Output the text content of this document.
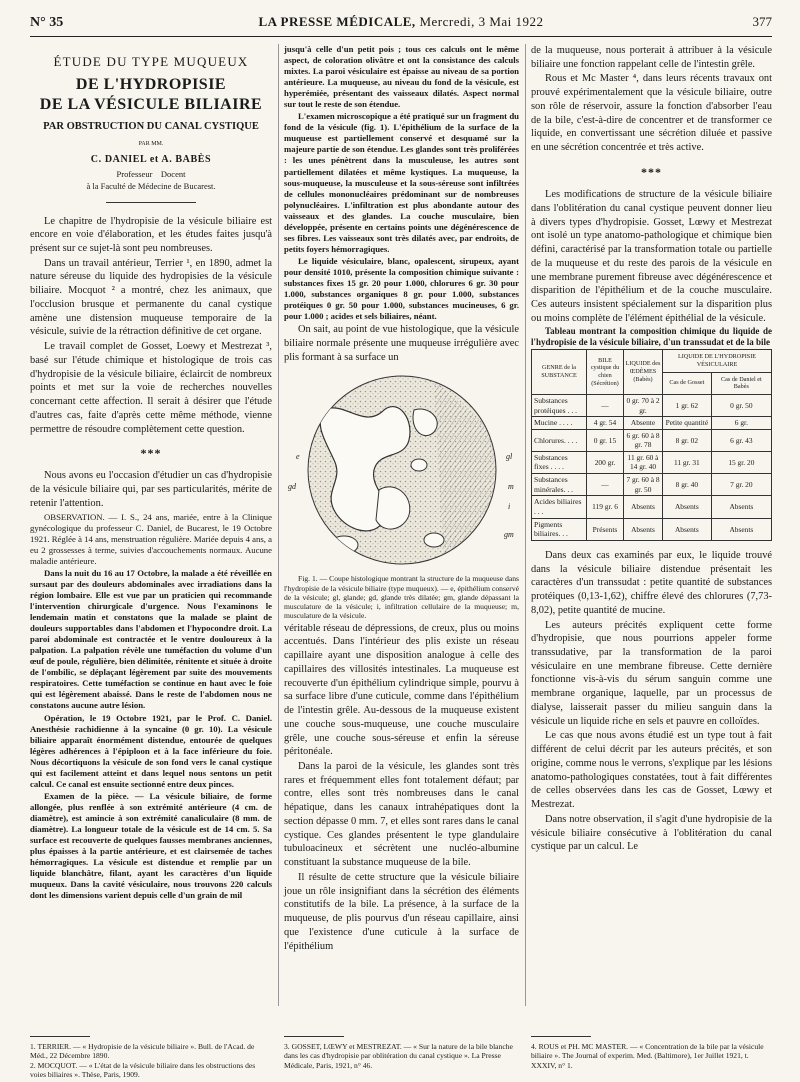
N° 35	LA PRESSE MÉDICALE, Mercredi, 3 Mai 1922	377
ÉTUDE DU TYPE MUQUEUX
DE L'HYDROPISIE
DE LA VÉSICULE BILIAIRE
PAR OBSTRUCTION DU CANAL CYSTIQUE
PAR MM.
C. DANIEL et A. BABÈS
Professeur    Docent
à la Faculté de Médecine de Bucarest.

Le chapitre de l'hydropisie de la vésicule biliaire est encore en voie d'élaboration, et les études faites jusqu'à présent sur ce sujet-là sont peu nombreuses.

Dans un travail antérieur, Terrier ¹, en 1890, admet la nature séreuse du liquide des hydropisies de la vésicule biliaire. Mocquot ² a montré, chez les animaux, que l'occlusion brusque et permanente du canal cystique amène une distension muqueuse temporaire de la vésicule, suivie de la rétraction définitive de cet organe.

Le travail complet de Gosset, Loewy et Mestrezat ³, basé sur l'étude chimique et histologique de trois cas d'hydropisie de la vésicule biliaire, éclaircit de nombreux points et met sur la voie de recherches nouvelles concernant cette affection. Il serait à désirer que l'étude d'autres cas, faite d'après cette même méthode, vienne permettre de résoudre complètement cette question.

***

Nous avons eu l'occasion d'étudier un cas d'hydropisie de la vésicule biliaire qui, par ses particularités, mérite de retenir l'attention.

OBSERVATION. — I. S., 24 ans, mariée, entre à la Clinique gynécologique du professeur C. Daniel, de Bucarest, le 19 Octobre 1921. Réglée à 14 ans, menstruation régulière. Mariée depuis 4 ans, a eu 2 grossesses à terme, suivies d'accouchements normaux. Aucune maladie antérieure.

Dans la nuit du 16 au 17 Octobre, la malade a été réveillée en sursaut par des douleurs abdominales avec irradiations dans la région lombaire. Elle est vue par un praticien qui recommande l'intervention chirurgicale d'urgence. Nous l'examinons le lendemain matin et constatons que la malade se plaint de douleurs supportables dans l'abdomen et l'hypocondre droit. La paroi abdominale est contractée et le ventre douloureux à la palpation. La palpation révèle une tuméfaction du volume d'un œuf de poule, régulière, bien délimitée, rénitente et située à droite de l'ombilic, se déplaçant légèrement par suite des mouvements respiratoires. Cette tuméfaction se continue en haut avec le foie qui est légèrement abaissé. Dans le reste de l'abdomen nous ne constatons aucune autre lésion.

Opération, le 19 Octobre 1921, par le Prof. C. Daniel. Anesthésie rachidienne à la syncaïne (0 gr. 10). La vésicule biliaire apparaît énormément distendue, entourée de quelques légères adhérences à l'épiploon et à la face inférieure du foie. Nous décortiquons la vésicule de son fond vers le canal cystique qui est facilement atteint et dans lequel nous sentons un petit calcul. Ce canal est ensuite sectionné entre deux pinces.

Examen de la pièce. — La vésicule biliaire, de forme allongée, plus renflée à son extrémité antérieure (4 cm. de diamètre), est amincie à son extrémité canaliculaire (8 mm. de diamètre). La longueur totale de la vésicule est de 14 cm. 5. Sa surface est recouverte de quelques fausses membranes anciennes, plus épaisses à la partie antérieure, et est clairsemée de taches hémorragiques. La vésicule est distendue et remplie par un liquide blanchâtre, filant, ayant les caractères d'un liquide muqueux. Dans la cavité vésiculaire, nous trouvons 220 calculs dont les dimensions varient depuis celle d'un grain de mil

jusqu'à celle d'un petit pois ; tous ces calculs ont le même aspect, de coloration olivâtre et ont la consistance des calculs mixtes. La paroi vésiculaire est épaisse au niveau de sa portion antérieure. La muqueuse, au niveau du fond de la vésicule, est hyperémiée, présentant des vaisseaux dilatés. Aspect normal sur tout le reste de son étendue.

L'examen microscopique a été pratiqué sur un fragment du fond de la vésicule (fig. 1). L'épithélium de la surface de la muqueuse est partiellement conservé et desquamé sur la majeure partie de son étendue. Les glandes sont très proliférées : les unes pénètrent dans la musculeuse, les autres sont partiellement dilatées et même kystiques. La muqueuse, la sous-muqueuse, la musculeuse et la sous-séreuse sont infiltrées de cellules mononucléaires prédominant sur de nombreuses polynucléaires. L'infiltration est plus abondante autour des vaisseaux et des glandes. La couche musculaire, bien développée, présente en certains points une dégénérescence de ses fibres. Les vaisseaux sont très dilatés avec, par endroits, de petits foyers hémorragiques.

Le liquide vésiculaire, blanc, opalescent, sirupeux, ayant pour densité 1010, présente la composition chimique suivante : substances fixes 15 gr. 20 pour 1.000, chlorures 6 gr. 30 pour 1.000, substances organiques 8 gr. pour 1.000, substances protéiques 0 gr. 50 pour 1.000, substances mucineuses, 6 gr. pour 1.000 ; acides et sels biliaires, néant.

On sait, au point de vue histologique, que la vésicule biliaire normale présente une muqueuse irrégulière avec plis formant à sa surface un

e	gl
gd	m
i
gm

Fig. 1. — Coupe histologique montrant la structure de la muqueuse dans l'hydropisie de la vésicule biliaire (type muqueux). — e, épithélium conservé de la vésicule; gl, glande; gd, glande très dilatée; gm, glande dépassant la musculature de la vésicule; i, infiltration cellulaire de la muqueuse; m, musculature de la vésicule.

véritable réseau de dépressions, de creux, plus ou moins accentués. Dans l'intérieur des plis existe un réseau capillaire ayant une disposition analogue à celle des capillaires des villosités intestinales. La muqueuse est recouverte d'un épithélium cylindrique simple, pourvu à sa surface libre d'une cuticule, comme dans l'épithélium de l'intestin grêle. Au-dessous de la muqueuse existent une couche sous-muqueuse, une couche musculaire grêle, une couche sous-séreuse et enfin la séreuse péritonéale.

Dans la paroi de la vésicule, les glandes sont très rares et fréquemment elles font totalement défaut; par contre, elles sont très nombreuses dans le canal hépatique, dans les canaux intrahépatiques dont la section dépasse 0 mm. 7, et elles sont rares dans le canal cystique. Ces glandes présentent le type glandulaire tubuloacineux et sécrètent une nucléo-albumine constituant la substance muqueuse de la bile.

Il résulte de cette structure que la vésicule biliaire joue un rôle insignifiant dans la sécrétion des éléments constitutifs de la bile. La présence, à la surface de la muqueuse, de plis pourvus d'un réseau capillaire, ainsi que l'existence d'une cuticule à la surface de l'épithélium

de la muqueuse, nous porterait à attribuer à la vésicule biliaire une fonction rappelant celle de l'intestin grêle.

Rous et Mc Master ⁴, dans leurs récents travaux ont prouvé expérimentalement que la vésicule biliaire, outre son rôle de réservoir, assure la fonction d'absorber l'eau de la bile, c'est-à-dire de concentrer et de transformer ce liquide, en convertissant une sécrétion diluée et passive en une sécrétion concentrée et très active.

***

Les modifications de structure de la vésicule biliaire dans l'oblitération du canal cystique peuvent donner lieu à divers types d'hydropisie. Gosset, Lœwy et Mestrezat ont isolé un type anatomo-pathologique et chimique bien défini, caractérisé par la transformation totale ou partielle de la muqueuse et du reste des parois de la vésicule en une membrane purement fibreuse avec dégénérescence et disparition de l'épithélium et de la couche musculaire. Ces auteurs insistent spécialement sur la disparition plus ou moins complète de l'élément épithélial de la vésicule.

Tableau montrant la composition chimique du liquide de l'hydropisie de la vésicule biliaire, d'un transsudat et de la bile

GENRE de la SUBSTANCE	BILE cystique du chien (Sécrétion)	LIQUIDE des ŒDÈMES (Babès)	LIQUIDE DE L'HYDROPISIE VÉSICULAIRE	
			Cas de Gosset	Cas de Daniel et Babès
Substances protéiques . . .	—	0 gr. 70 à 2 gr.	1 gr. 62	0 gr. 50
Mucine . . . .	4 gr. 54	Absente	Petite quantité	6 gr.
Chlorures. . . .	0 gr. 15	6 gr. 60 à 8 gr. 78	8 gr. 02	6 gr. 43
Substances fixes . . . .	200 gr.	11 gr. 60 à 14 gr. 40	11 gr. 31	15 gr. 20
Substances minérales. . .	—	7 gr. 60 à 8 gr. 50	8 gr. 40	7 gr. 20
Acides biliaires . . .	119 gr. 6	Absents	Absents	Absents
Pigments biliaires. . .	Présents	Absents	Absents	Absents

Dans deux cas examinés par eux, le liquide trouvé dans la vésicule biliaire distendue présentait les caractères d'un transsudat : petite quantité de substances protéiques (0,13-1,62), chiffre élevé des chlorures (7,73-8,02), petite quantité de mucine.

Les auteurs précités expliquent cette forme d'hydropisie, que nous pourrions appeler forme transsudative, par la transformation de la paroi vésiculaire en une membrane fibreuse. Cette dernière fonctionne vis-à-vis du sérum sanguin comme une membrane organique, laquelle, par un processus de dialyse, laisserait passer du milieu sanguin dans la vésicule un liquide riche en sels et pauvre en colloïdes.

Le cas que nous avons étudié est un type tout à fait différent de celui décrit par les auteurs précités, et son origine, comme nous le verrons, s'explique par les lésions anatomo-pathologiques constatées, tout à fait différentes de celles observées dans les cas de Gosset, Lœwy et Mestrezat.

Dans notre observation, il s'agit d'une hydropisie de la vésicule biliaire consécutive à l'oblitération du canal cystique par un calcul. Le

1. TERRIER. — « Hydropisie de la vésicule biliaire ». Bull. de l'Acad. de Méd., 22 Décembre 1890.
2. MOCQUOT. — « L'état de la vésicule biliaire dans les obstructions des voies biliaires ». Thèse, Paris, 1909.
3. GOSSET, LŒWY et MESTREZAT. — « Sur la nature de la bile blanche dans les cas d'hydropisie par oblitération du canal cystique ». La Presse Médicale, Paris, 1921, n° 46.
4. ROUS et PH. MC MASTER. — « Concentration de la bile par la vésicule biliaire ». The Journal of experim. Med. (Baltimore), 1er Juillet 1921, t. XXXIV, n° 1.
